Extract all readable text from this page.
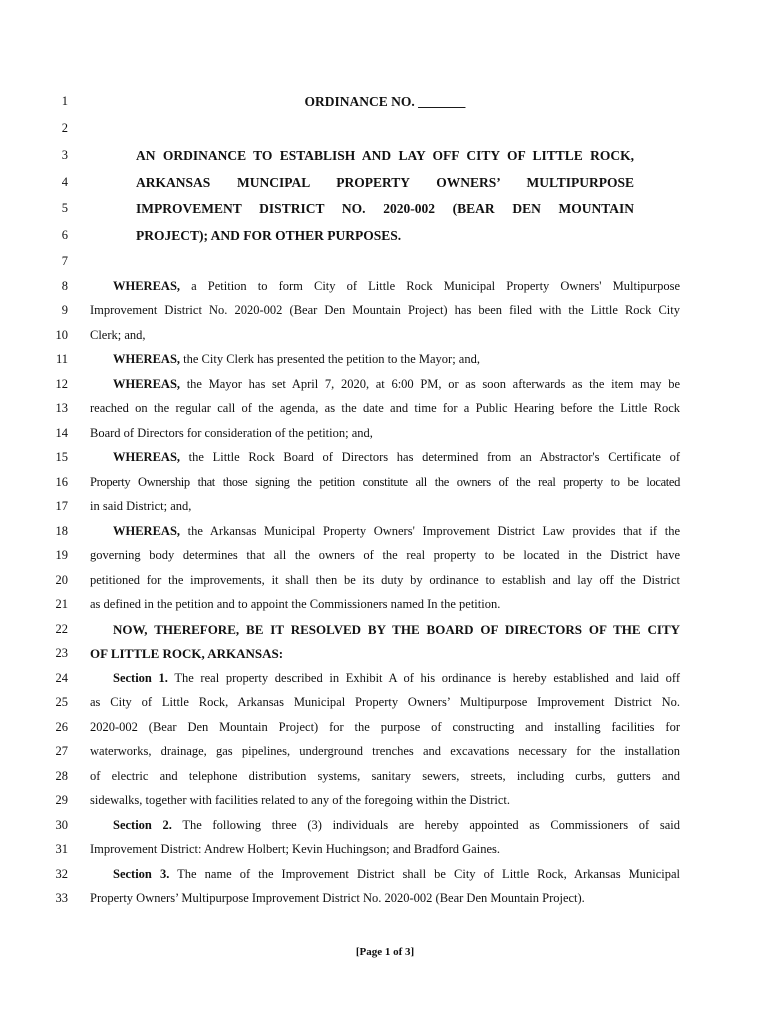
1
2
3
4
5
6
7
8
9
10
11
12
13
14
15
16
17
18
19
20
21
22
23
24
25
26
27
28
29
30
31
32
33
ORDINANCE NO. _______
AN ORDINANCE TO ESTABLISH AND LAY OFF CITY OF LITTLE ROCK,
ARKANSAS MUNCIPAL PROPERTY OWNERS’ MULTIPURPOSE
IMPROVEMENT DISTRICT NO. 2020-002 (BEAR DEN MOUNTAIN
PROJECT); AND FOR OTHER PURPOSES.
WHEREAS, a Petition to form City of Little Rock Municipal Property Owners' Multipurpose
Improvement District No. 2020-002 (Bear Den Mountain Project) has been filed with the Little Rock City
Clerk; and,
WHEREAS, the City Clerk has presented the petition to the Mayor; and,
WHEREAS, the Mayor has set April 7, 2020, at 6:00 PM, or as soon afterwards as the item may be
reached on the regular call of the agenda, as the date and time for a Public Hearing before the Little Rock
Board of Directors for consideration of the petition; and,
WHEREAS, the Little Rock Board of Directors has determined from an Abstractor's Certificate of
Property Ownership that those signing the petition constitute all the owners of the real property to be located
in said District; and,
WHEREAS, the Arkansas Municipal Property Owners' Improvement District Law provides that if the
governing body determines that all the owners of the real property to be located in the District have
petitioned for the improvements, it shall then be its duty by ordinance to establish and lay off the District
as defined in the petition and to appoint the Commissioners named In the petition.
NOW, THEREFORE, BE IT RESOLVED BY THE BOARD OF DIRECTORS OF THE CITY
OF LITTLE ROCK, ARKANSAS:
Section 1. The real property described in Exhibit A of his ordinance is hereby established and laid off
as City of Little Rock, Arkansas Municipal Property Owners’ Multipurpose Improvement District No.
2020-002 (Bear Den Mountain Project) for the purpose of constructing and installing facilities for
waterworks, drainage, gas pipelines, underground trenches and excavations necessary for the installation
of electric and telephone distribution systems, sanitary sewers, streets, including curbs, gutters and
sidewalks, together with facilities related to any of the foregoing within the District.
Section 2. The following three (3) individuals are hereby appointed as Commissioners of said
Improvement District: Andrew Holbert; Kevin Huchingson; and Bradford Gaines.
Section 3. The name of the Improvement District shall be City of Little Rock, Arkansas Municipal
Property Owners’ Multipurpose Improvement District No. 2020-002 (Bear Den Mountain Project).
[Page 1 of 3]
